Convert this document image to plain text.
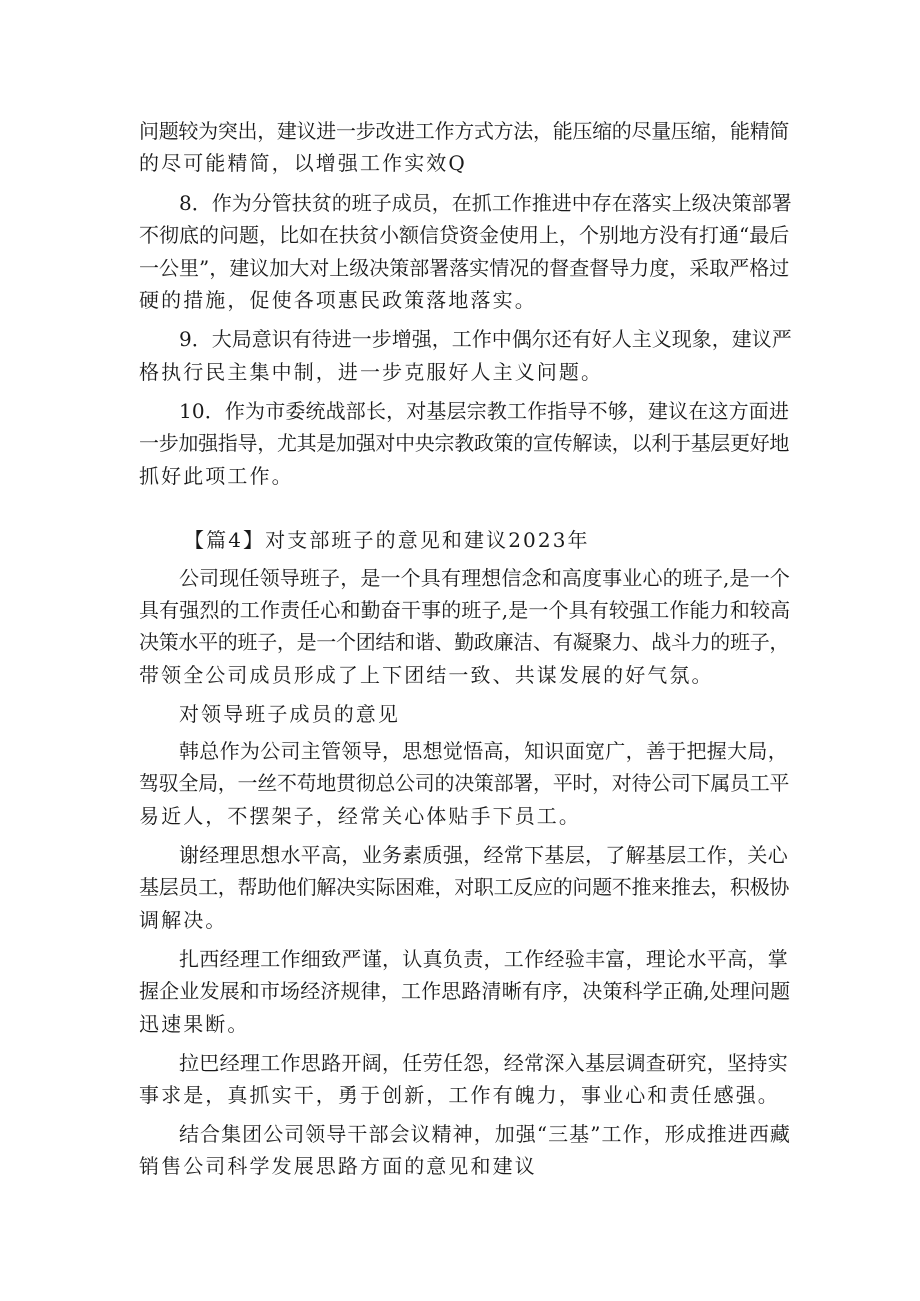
问题较为突出，建议进一步改进工作方式方法，能压缩的尽量压缩，能精简
的尽可能精简，以增强工作实效Q
8．作为分管扶贫的班子成员，在抓工作推进中存在落实上级决策部署
不彻底的问题，比如在扶贫小额信贷资金使用上，个别地方没有打通“最后
一公里”，建议加大对上级决策部署落实情况的督查督导力度，采取严格过
硬的措施，促使各项惠民政策落地落实。
9．大局意识有待进一步增强，工作中偶尔还有好人主义现象，建议严
格执行民主集中制，进一步克服好人主义问题。
10．作为市委统战部长，对基层宗教工作指导不够，建议在这方面进
一步加强指导，尤其是加强对中央宗教政策的宣传解读，以利于基层更好地
抓好此项工作。
【篇4】对支部班子的意见和建议2023年
公司现任领导班子，是一个具有理想信念和高度事业心的班子,是一个
具有强烈的工作责任心和勤奋干事的班子,是一个具有较强工作能力和较高
决策水平的班子，是一个团结和谐、勤政廉洁、有凝聚力、战斗力的班子，
带领全公司成员形成了上下团结一致、共谋发展的好气氛。
对领导班子成员的意见
韩总作为公司主管领导，思想觉悟高，知识面宽广，善于把握大局，
驾驭全局，一丝不苟地贯彻总公司的决策部署，平时，对待公司下属员工平
易近人，不摆架子，经常关心体贴手下员工。
谢经理思想水平高，业务素质强，经常下基层，了解基层工作，关心
基层员工，帮助他们解决实际困难，对职工反应的问题不推来推去，积极协
调解决。
扎西经理工作细致严谨，认真负责，工作经验丰富，理论水平高，掌
握企业发展和市场经济规律，工作思路清晰有序，决策科学正确,处理问题
迅速果断。
拉巴经理工作思路开阔，任劳任怨，经常深入基层调查研究，坚持实
事求是，真抓实干，勇于创新，工作有魄力，事业心和责任感强。
结合集团公司领导干部会议精神，加强“三基”工作，形成推进西藏
销售公司科学发展思路方面的意见和建议
